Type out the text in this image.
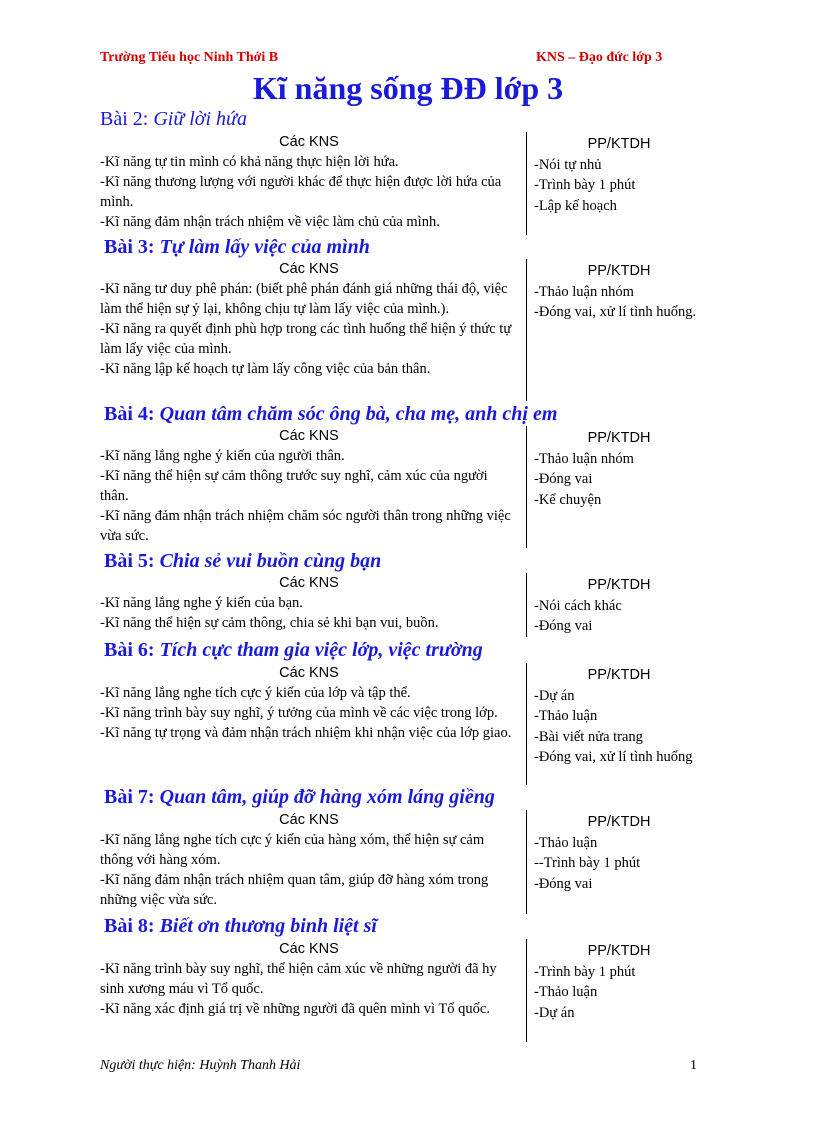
Trường Tiểu học Ninh Thới B	KNS – Đạo đức lớp 3
Kĩ năng sống ĐĐ lớp 3
Bài 2: Giữ lời hứa
Các KNS
-Kĩ năng tự tin mình có khả năng thực hiện lời hứa.
-Kĩ năng thương lượng với người khác để thực hiện được lời hứa của mình.
-Kĩ năng đảm nhận trách nhiệm về việc làm chủ của mình.
PP/KTDH
-Nói tự nhủ
-Trình bày 1 phút
-Lập kế hoạch
Bài 3: Tự làm lấy việc của mình
Các KNS
-Kĩ năng tư duy phê phán: (biết phê phán đánh giá những thái độ, việc làm thể hiện sự ỷ lại, không chịu tự làm lấy việc của mình.).
-Kĩ năng ra quyết định phù hợp trong các tình huống thể hiện ý thức tự làm lấy việc của mình.
-Kĩ năng lập kế hoạch tự làm lấy công việc của bản thân.
PP/KTDH
-Thảo luận nhóm
-Đóng vai, xử lí tình huống.
Bài 4: Quan tâm chăm sóc ông bà, cha mẹ, anh chị em
Các KNS
-Kĩ năng lắng nghe ý kiến của người thân.
-Kĩ năng thể hiện sự cảm thông trước suy nghĩ, cảm xúc của người thân.
-Kĩ năng đảm nhận trách nhiệm chăm sóc người thân trong những việc vừa sức.
PP/KTDH
-Thảo luận nhóm
-Đóng vai
-Kể chuyện
Bài 5: Chia sẻ vui buồn cùng bạn
Các KNS
-Kĩ năng lắng nghe ý kiến của bạn.
-Kĩ năng thể hiện sự cảm thông, chia sẻ khi bạn vui, buồn.
PP/KTDH
-Nói cách khác
-Đóng vai
Bài 6: Tích cực tham gia việc lớp, việc trường
Các KNS
-Kĩ năng lắng nghe tích cực ý kiến của lớp và tập thể.
-Kĩ năng trình bày suy nghĩ, ý tưởng của mình về các việc trong lớp.
-Kĩ năng tự trọng và đảm nhận trách nhiệm khi nhận việc của lớp giao.
PP/KTDH
-Dự án
-Thảo luận
-Bài viết nửa trang
-Đóng vai, xử lí tình huống
Bài 7: Quan tâm, giúp đỡ hàng xóm láng giềng
Các KNS
-Kĩ năng lắng nghe tích cực ý kiến của hàng xóm, thể hiện sự cảm thông với hàng xóm.
-Kĩ năng đảm nhận trách nhiệm quan tâm, giúp đỡ hàng xóm trong những việc vừa sức.
PP/KTDH
-Thảo luận
--Trình bày 1 phút
-Đóng vai
Bài 8: Biết ơn thương binh liệt sĩ
Các KNS
-Kĩ năng trình bày suy nghĩ, thể hiện cảm xúc về những người đã hy sinh xương máu vì Tổ quốc.
-Kĩ năng xác định giá trị về những người đã quên mình vì Tổ quốc.
PP/KTDH
-Trình bày 1 phút
-Thảo luận
-Dự án
Người thực hiện: Huỳnh Thanh Hải	1
